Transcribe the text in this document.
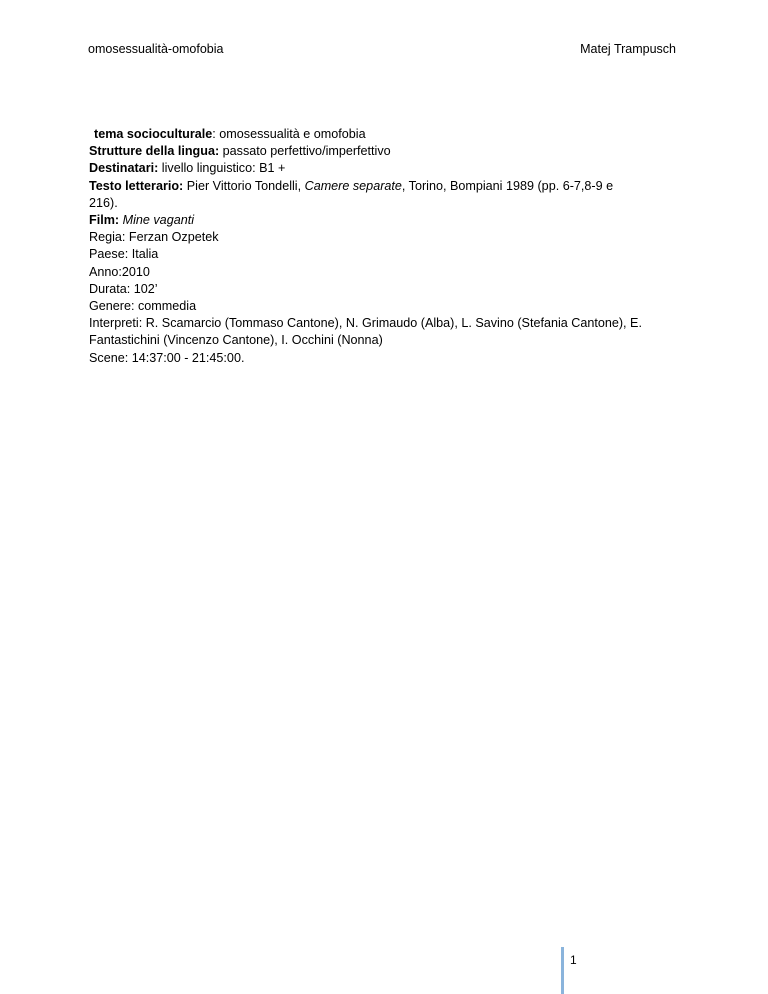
omosessualità-omofobia	Matej Trampusch

tema socioculturale: omosessualità e omofobia

Strutture della lingua: passato perfettivo/imperfettivo

Destinatari: livello linguistico: B1 +

Testo letterario: Pier Vittorio Tondelli, Camere separate, Torino, Bompiani 1989 (pp. 6-7,8-9 e

216).

Film: Mine vaganti

Regia: Ferzan Ozpetek

Paese: Italia

Anno:2010

Durata: 102’

Genere: commedia

Interpreti: R. Scamarcio (Tommaso Cantone), N. Grimaudo (Alba), L. Savino (Stefania Cantone), E.

Fantastichini (Vincenzo Cantone), I. Occhini (Nonna)

Scene: 14:37:00 - 21:45:00.

1
